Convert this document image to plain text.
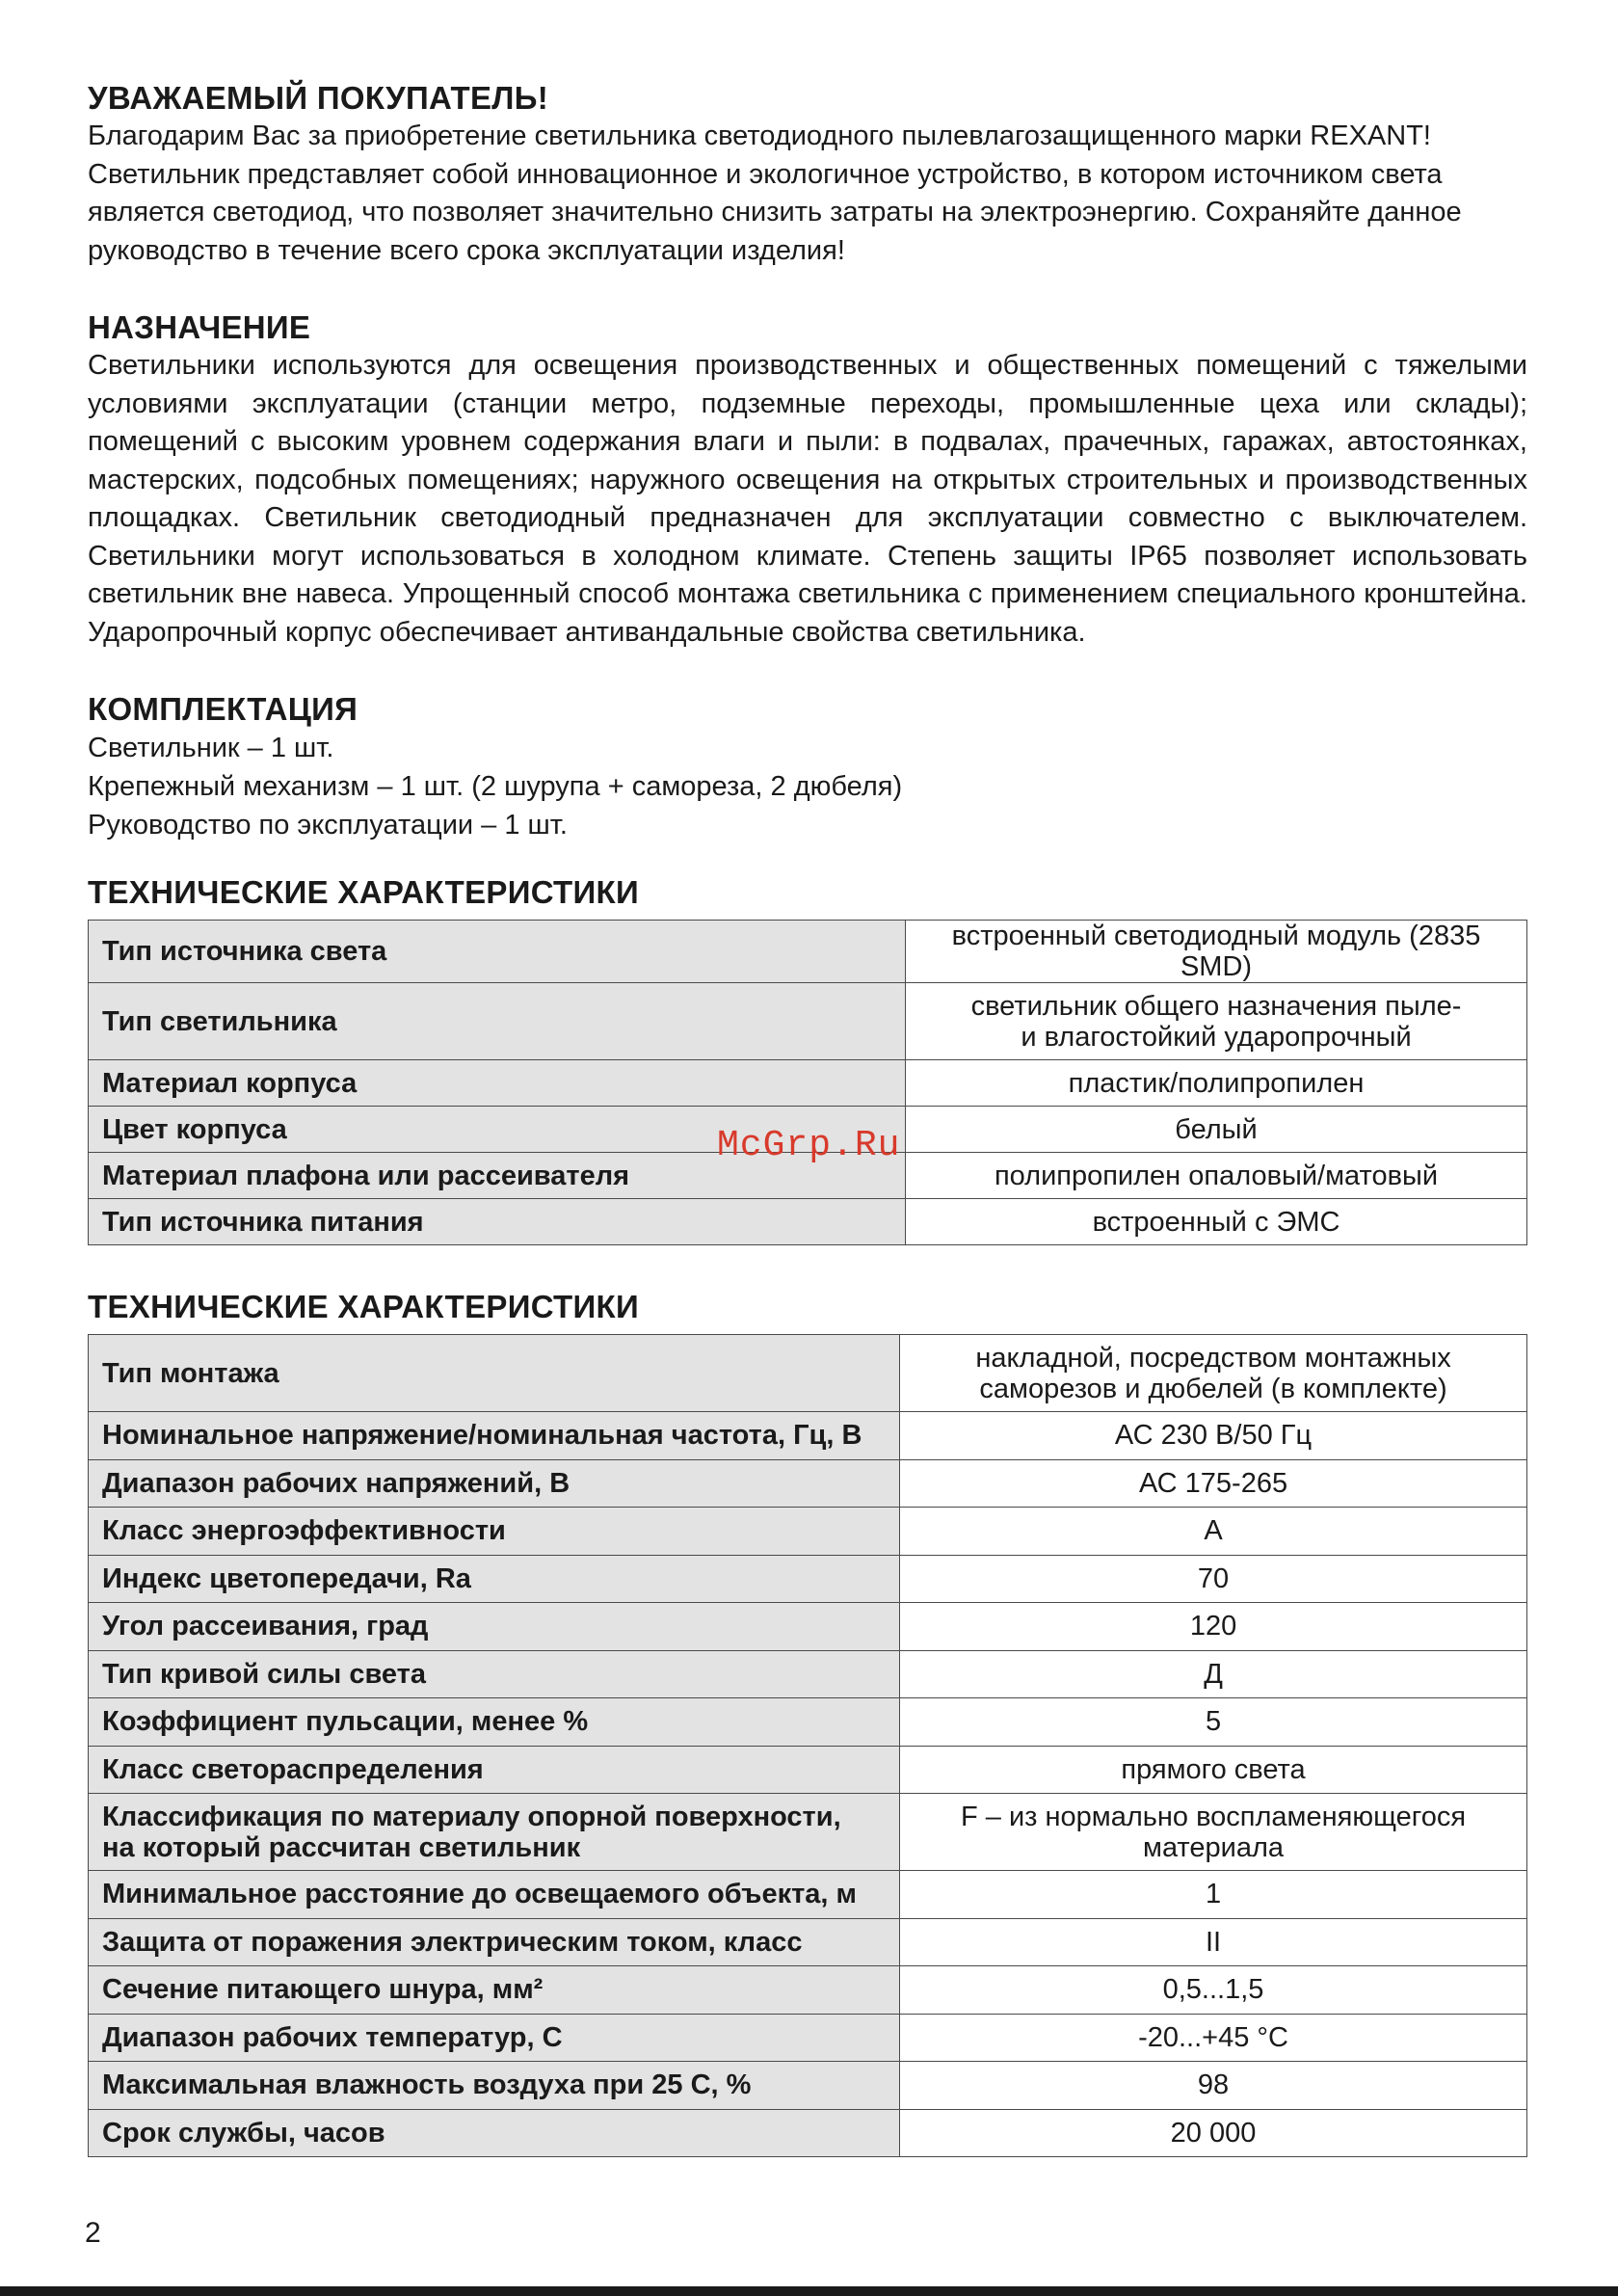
УВАЖАЕМЫЙ ПОКУПАТЕЛЬ!

Благодарим Вас за приобретение светильника светодиодного пылевлагозащищенного марки REXANT! Светильник представляет собой инновационное и экологичное устройство, в котором источником света является светодиод, что позволяет значительно снизить затраты на электроэнергию. Сохраняйте данное руководство в течение всего срока эксплуатации изделия!

НАЗНАЧЕНИЕ

Светильники используются для освещения производственных и общественных помещений с тяжелыми условиями эксплуатации (станции метро, подземные переходы, промышленные цеха или склады); помещений с высоким уровнем содержания влаги и пыли: в подвалах, прачечных, гаражах, автостоянках, мастерских, подсобных помещениях; наружного освещения на открытых строительных и производственных площадках. Светильник светодиодный предназначен для эксплуатации совместно с выключателем. Светильники могут использоваться в холодном климате. Степень защиты IP65 позволяет использовать светильник вне навеса. Упрощенный способ монтажа светильника с применением специального кронштейна. Ударопрочный корпус обеспечивает антивандальные свойства светильника.

КОМПЛЕКТАЦИЯ
Светильник – 1 шт.
Крепежный механизм – 1 шт. (2 шурупа + самореза, 2 дюбеля)
Руководство по эксплуатации – 1 шт.
ТЕХНИЧЕСКИЕ ХАРАКТЕРИСТИКИ
Тип источника света	встроенный светодиодный модуль (2835 SMD)
Тип светильника	светильник общего назначения пыле-
и влагостойкий ударопрочный
Материал корпуса	пластик/полипропилен
Цвет корпуса	белый
Материал плафона или рассеивателя	полипропилен опаловый/матовый
Тип источника питания	встроенный с ЭМС
ТЕХНИЧЕСКИЕ ХАРАКТЕРИСТИКИ
Тип монтажа	накладной, посредством монтажных
саморезов и дюбелей (в комплекте)
Номинальное напряжение/номинальная частота, Гц, В	АС 230 В/50 Гц
Диапазон рабочих напряжений, В	АС 175-265
Класс энергоэффективности	А
Индекс цветопередачи, Ra	70
Угол рассеивания, град	120
Тип кривой силы света	Д
Коэффициент пульсации, менее %	5
Класс светораспределения	прямого света
Классификация по материалу опорной поверхности,
на который рассчитан светильник	F – из нормально воспламеняющегося
материала
Минимальное расстояние до освещаемого объекта, м	1
Защита от поражения электрическим током, класс	II
Сечение питающего шнура, мм²	0,5...1,5
Диапазон рабочих температур, С	-20...+45 °С
Максимальная влажность воздуха при 25 С, %	98
Срок службы, часов	20 000
McGrp.Ru
2
